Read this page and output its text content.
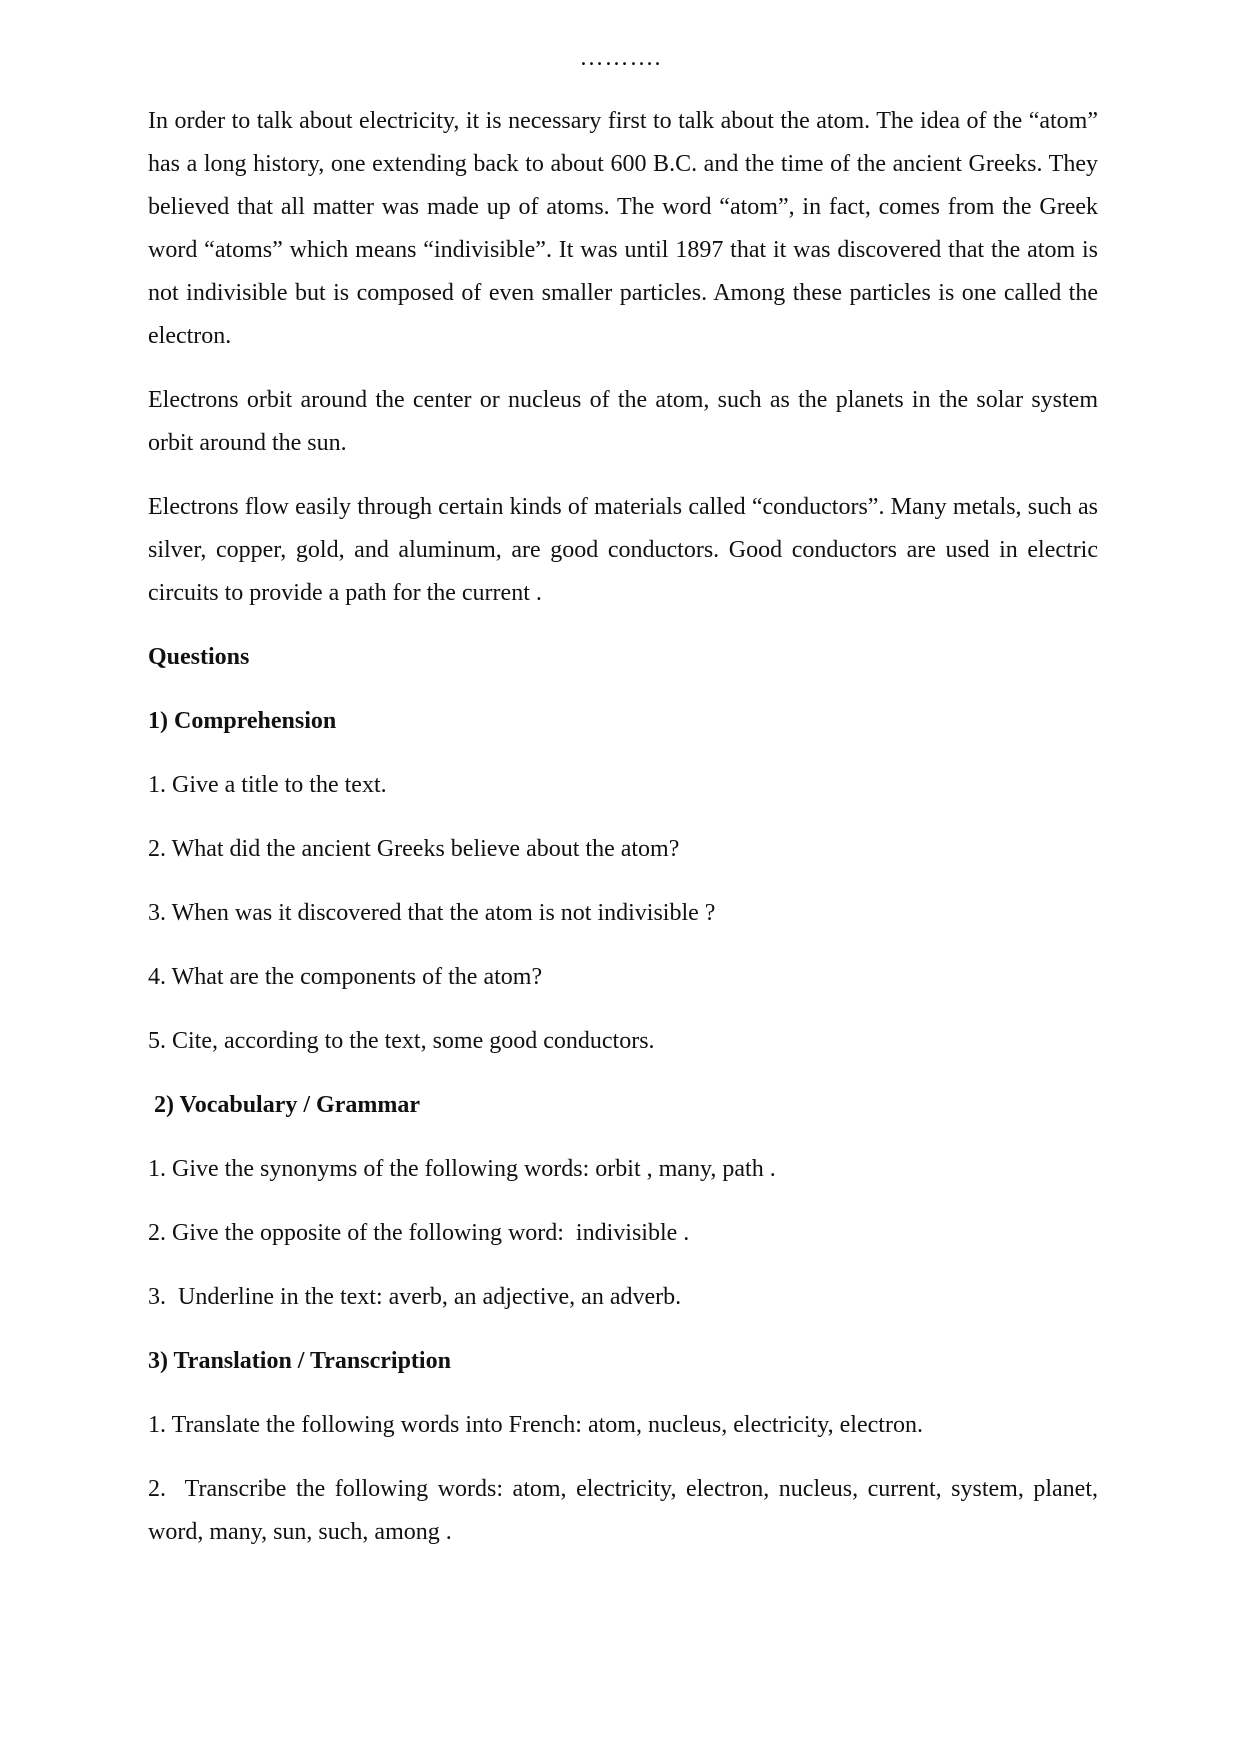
……….

In order to talk about electricity, it is necessary first to talk about the atom. The idea of the “atom” has a long history, one extending back to about 600 B.C. and the time of the ancient Greeks. They believed that all matter was made up of atoms. The word “atom”, in fact, comes from the Greek word “atoms” which means “indivisible”. It was until 1897 that it was discovered that the atom is not indivisible but is composed of even smaller particles. Among these particles is one called the electron.

Electrons orbit around the center or nucleus of the atom, such as the planets in the solar system orbit around the sun.

Electrons flow easily through certain kinds of materials called “conductors”. Many metals, such as silver, copper, gold, and aluminum, are good conductors. Good conductors are used in electric circuits to provide a path for the current .

Questions
1) Comprehension
1. Give a title to the text.
2. What did the ancient Greeks believe about the atom?
3. When was it discovered that the atom is not indivisible ?
4. What are the components of the atom?
5. Cite, according to the text, some good conductors.
2) Vocabulary / Grammar
1. Give the synonyms of the following words: orbit , many, path .
2. Give the opposite of the following word:  indivisible .
3.  Underline in the text: averb, an adjective, an adverb.
3) Translation / Transcription
1. Translate the following words into French: atom, nucleus, electricity, electron.
2.  Transcribe the following words: atom, electricity, electron, nucleus, current, system, planet, word, many, sun, such, among .
